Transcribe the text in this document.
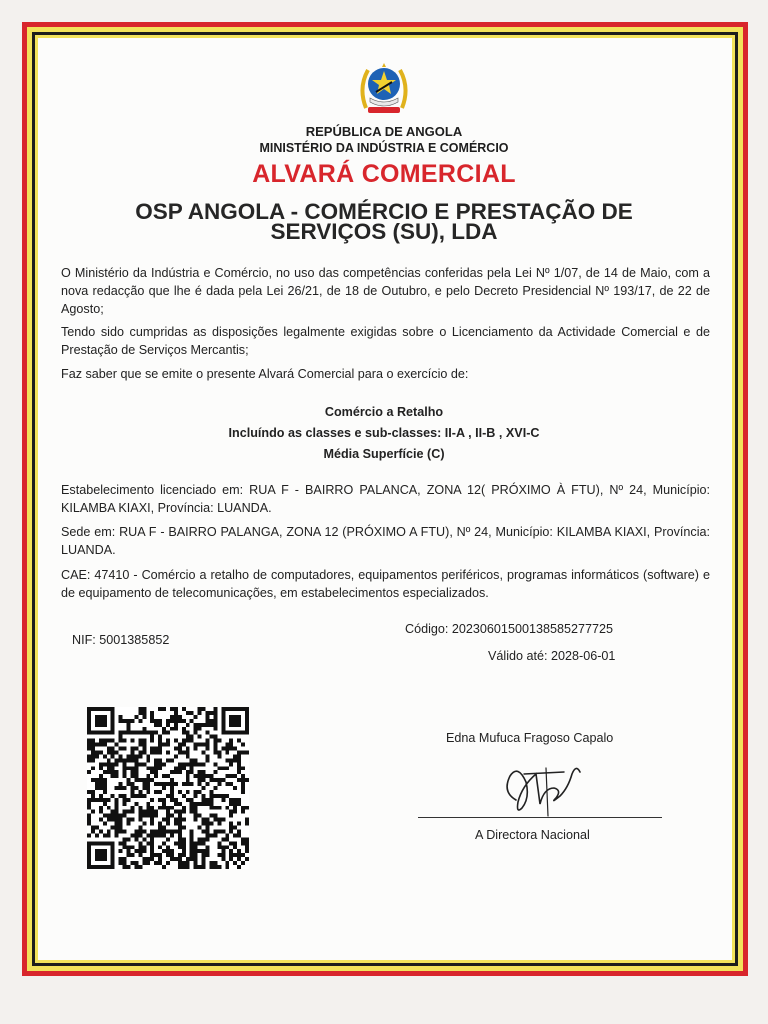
REPÚBLICA DE ANGOLA
MINISTÉRIO DA INDÚSTRIA E COMÉRCIO
ALVARÁ COMERCIAL
OSP ANGOLA - COMÉRCIO E PRESTAÇÃO DE
SERVIÇOS (SU), LDA
O Ministério da Indústria e Comércio, no uso das competências conferidas pela Lei Nº 1/07, de 14 de Maio, com a nova redacção que lhe é dada pela Lei 26/21, de 18 de Outubro, e pelo Decreto Presidencial Nº 193/17, de 22 de Agosto;
Tendo sido cumpridas as disposições legalmente exigidas sobre o Licenciamento da Actividade Comercial e de Prestação de Serviços Mercantis;
Faz saber que se emite o presente Alvará Comercial para o exercício de:
Comércio a Retalho
Incluíndo as classes e sub-classes: II-A , II-B , XVI-C
Média Superfície (C)
Estabelecimento licenciado em: RUA F - BAIRRO PALANCA, ZONA 12( PRÓXIMO À FTU), Nº 24, Município: KILAMBA KIAXI, Província: LUANDA.
Sede em: RUA F - BAIRRO PALANGA, ZONA 12 (PRÓXIMO A FTU), Nº 24, Município: KILAMBA KIAXI, Província: LUANDA.
CAE: 47410 - Comércio a retalho de computadores, equipamentos periféricos, programas informáticos (software) e de equipamento de telecomunicações, em estabelecimentos especializados.
NIF: 5001385852
Código: 20230601500138585277725
Válido até: 2028-06-01
Edna Mufuca Fragoso Capalo
A Directora Nacional
